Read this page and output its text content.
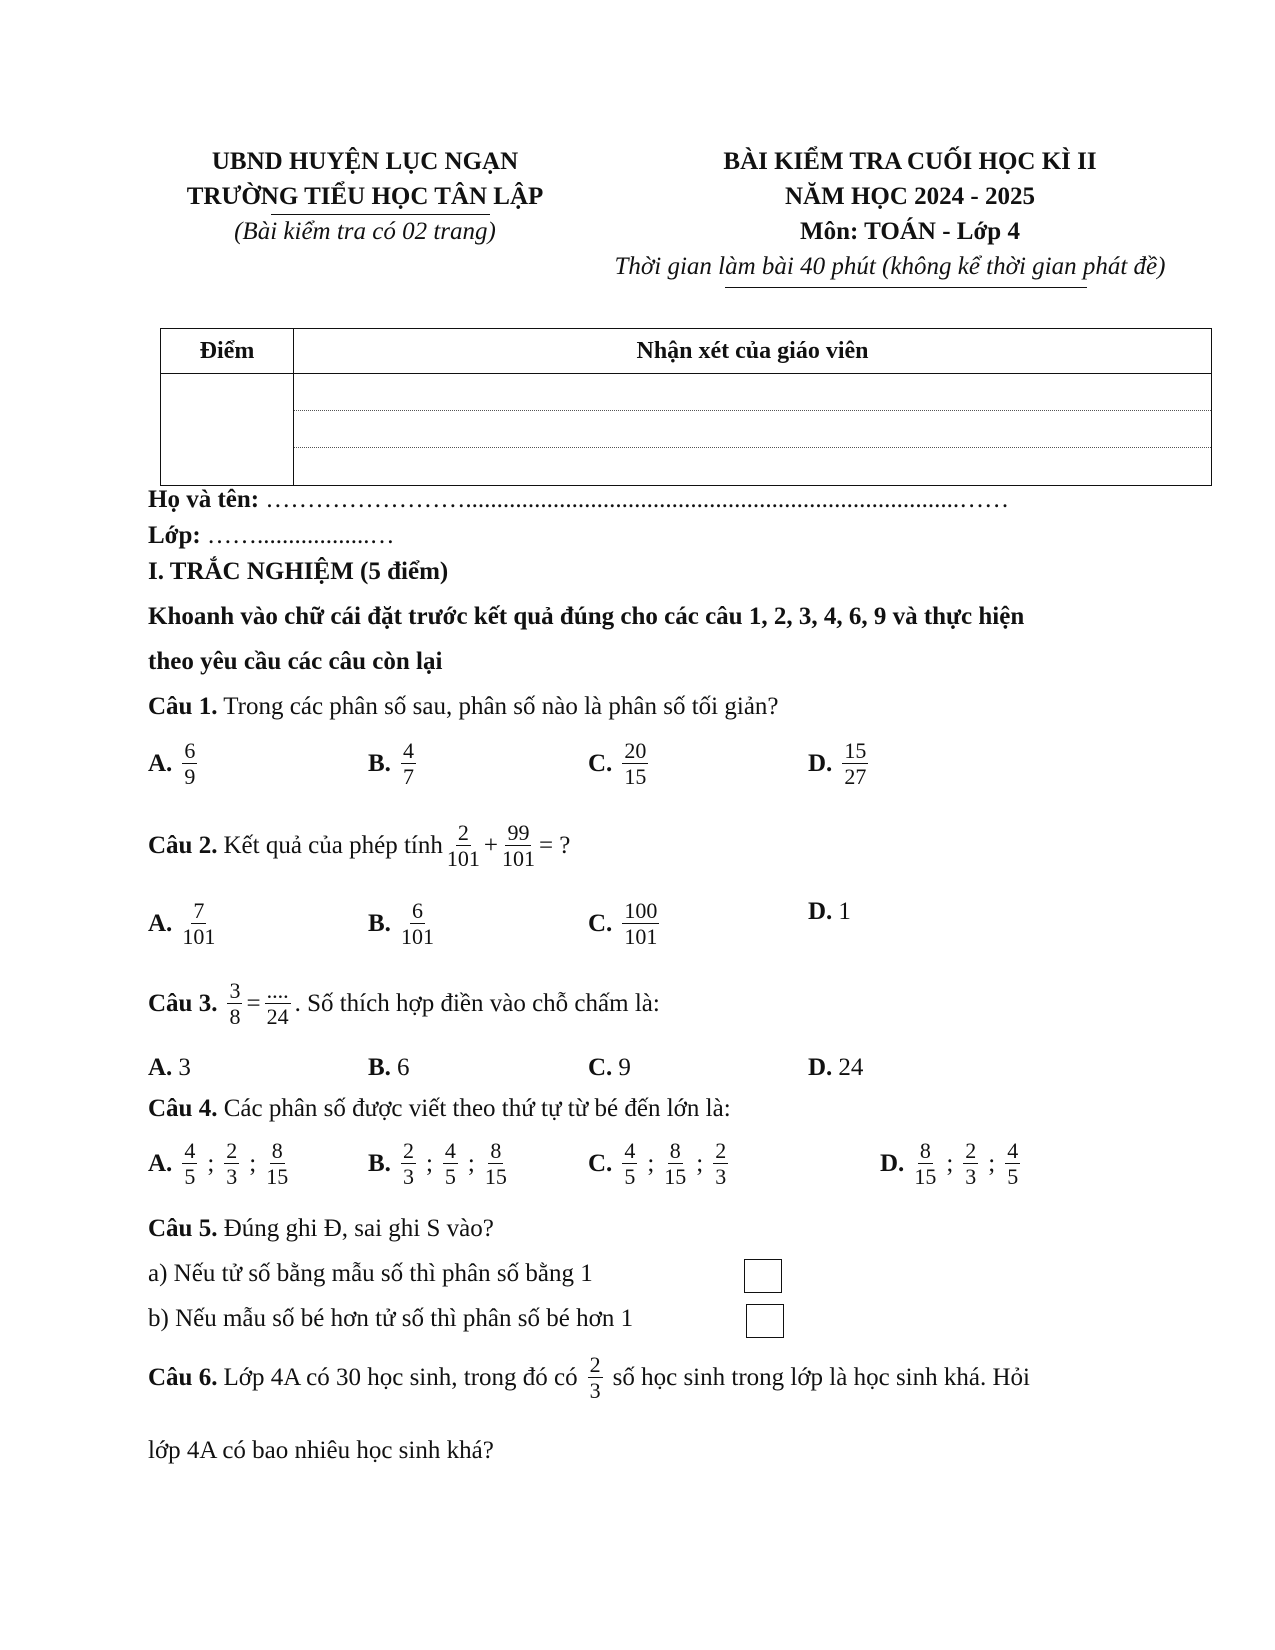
UBND HUYỆN LỤC NGẠN
TRƯỜNG TIỂU HỌC TÂN LẬP
(Bài kiểm tra có 02 trang)
BÀI KIỂM TRA CUỐI HỌC KÌ II
NĂM HỌC 2024 - 2025
Môn: TOÁN - Lớp 4
Thời gian làm bài 40 phút (không kể thời gian phát đề)
Điểm	Nhận xét của giáo viên

Họ và tên: ……………………...............................................................................……
Lớp: ……..................…
I. TRẮC NGHIỆM (5 điểm)
Khoanh vào chữ cái đặt trước kết quả đúng cho các câu 1, 2, 3, 4, 6, 9 và thực hiện
theo yêu cầu các câu còn lại
Câu 1. Trong các phân số sau, phân số nào là phân số tối giản?
A. $\frac{6}{9}$	B. $\frac{4}{7}$	C. $\frac{20}{15}$	D. $\frac{15}{27}$
Câu 2. Kết quả của phép tính $\frac{2}{101} + \frac{99}{101}$ = ?
A. $\frac{7}{101}$	B. $\frac{6}{101}$	C. $\frac{100}{101}$	D. 1
Câu 3. $\frac{3}{8} = \frac{....}{24}$ . Số thích hợp điền vào chỗ chấm là:
A. 3	B. 6	C. 9	D. 24
Câu 4. Các phân số được viết theo thứ tự từ bé đến lớn là:
A. $\frac{4}{5}$ ; $\frac{2}{3}$ ; $\frac{8}{15}$	B. $\frac{2}{3}$ ; $\frac{4}{5}$ ; $\frac{8}{15}$	C. $\frac{4}{5}$ ; $\frac{8}{15}$ ; $\frac{2}{3}$	D. $\frac{8}{15}$ ; $\frac{2}{3}$ ; $\frac{4}{5}$
Câu 5. Đúng ghi Đ, sai ghi S vào?
a) Nếu tử số bằng mẫu số thì phân số bằng 1
b) Nếu mẫu số bé hơn tử số thì phân số bé hơn 1
Câu 6. Lớp 4A có 30 học sinh, trong đó có $\frac{2}{3}$ số học sinh trong lớp là học sinh khá. Hỏi
lớp 4A có bao nhiêu học sinh khá?
